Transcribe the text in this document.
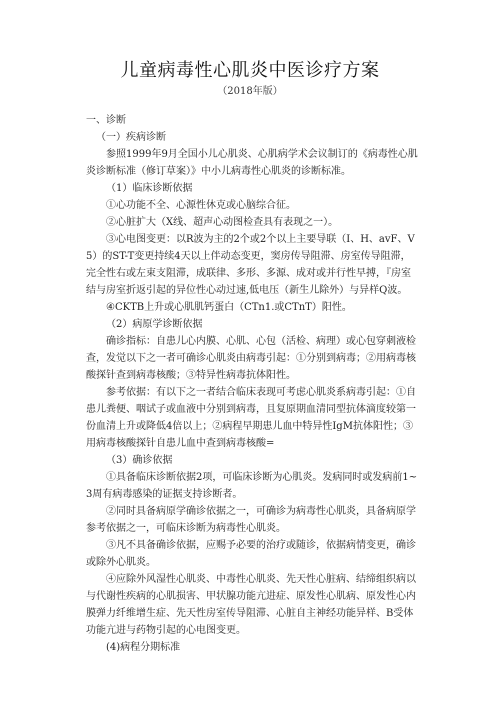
儿童病毒性心肌炎中医诊疗方案
（2018年版）

一、诊断

（一）疾病诊断

参照1999年9月全国小儿心肌炎、心肌病学术会议制订的《病毒性心肌炎诊断标准（修订草案）》中小儿病毒性心肌炎的诊断标准。

（1）临床诊断依据

①心功能不全、心源性休克或心脑综合征。

②心脏扩大（X线、超声心动图检查具有表现之一）。

③心电图变更：以R波为主的2个或2个以上主要导联（I、H、avF、V5）的ST-T变更持续4天以上伴动态变更，窦房传导阻滞、房室传导阻滞，完全性右或左束支阻滞，成联律、多形、多源、成对或并行性早搏，『房室结与房室折返引起的异位性心动过速,低电压（新生儿除外）与异样Q波。

④CKTB上升或心肌肌钙蛋白（CTn1.或CTnT）阳性。

（2）病原学诊断依据

确诊指标：自患儿心内膜、心肌、心包（活检、病理）或心包穿刺液检查，发觉以下之一者可确诊心肌炎由病毒引起：①分别到病毒；②用病毒核酸探针查到病毒核酸；③特异性病毒抗体阳性。

参考依据：有以下之一者结合临床表现可考虑心肌炎系病毒引起：①自患儿粪便、咽试子或血液中分别到病毒，且复原期血清同型抗体滴度较第一份血清上升或降低4倍以上；②病程早期患儿血中特异性IgM抗体阳性；③用病毒核酸探针自患儿血中查到病毒核酸=

（3）确诊依据

①具备临床诊断依据2项，可临床诊断为心肌炎。发病同时或发病前1~3周有病毒感染的证据支持诊断者。

②同时具备病原学确诊依据之一，可确诊为病毒性心肌炎，具备病原学参考依据之一，可临床诊断为病毒性心肌炎。

③凡不具备确诊依据，应赐予必要的治疗或随诊，依据病情变更，确诊或除外心肌炎。

④应除外风湿性心肌炎、中毒性心肌炎、先天性心脏病、结缔组织病以与代谢性疾病的心肌损害、甲状腺功能亢进症、原发性心肌病、原发性心内膜弹力纤维增生症、先天性房室传导阻滞、心脏自主神经功能异样、B受体功能亢进与药物引起的心电图变更。

(4)病程分期标准
